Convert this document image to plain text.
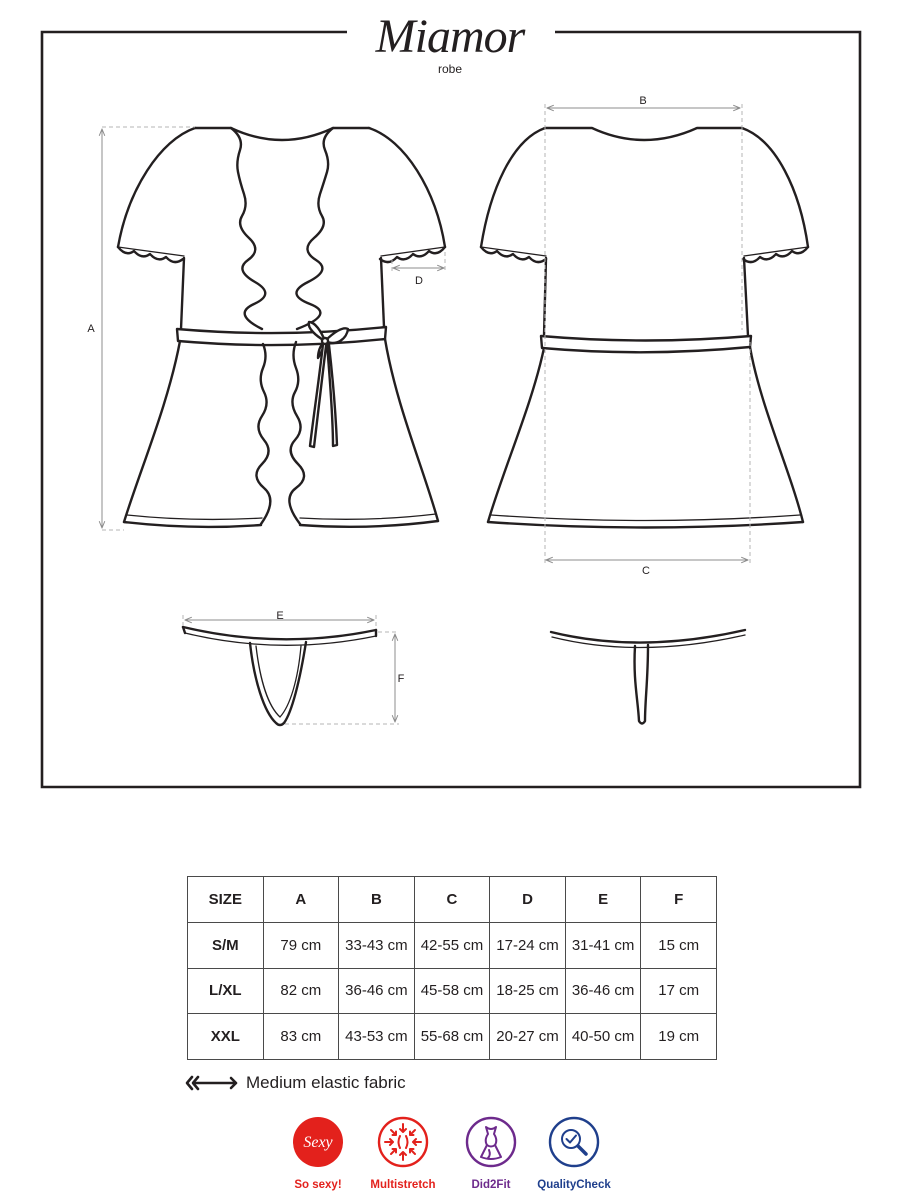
Miamor
robe
A
D
B
C
E
F
SIZE	A	B	C	D	E	F
S/M	79 cm	33-43 cm	42-55 cm	17-24 cm	31-41 cm	15 cm
L/XL	82 cm	36-46 cm	45-58 cm	18-25 cm	36-46 cm	17 cm
XXL	83 cm	43-53 cm	55-68 cm	20-27 cm	40-50 cm	19 cm
Medium elastic fabric
Sexy
So sexy!	Multistretch	Did2Fit	QualityCheck
